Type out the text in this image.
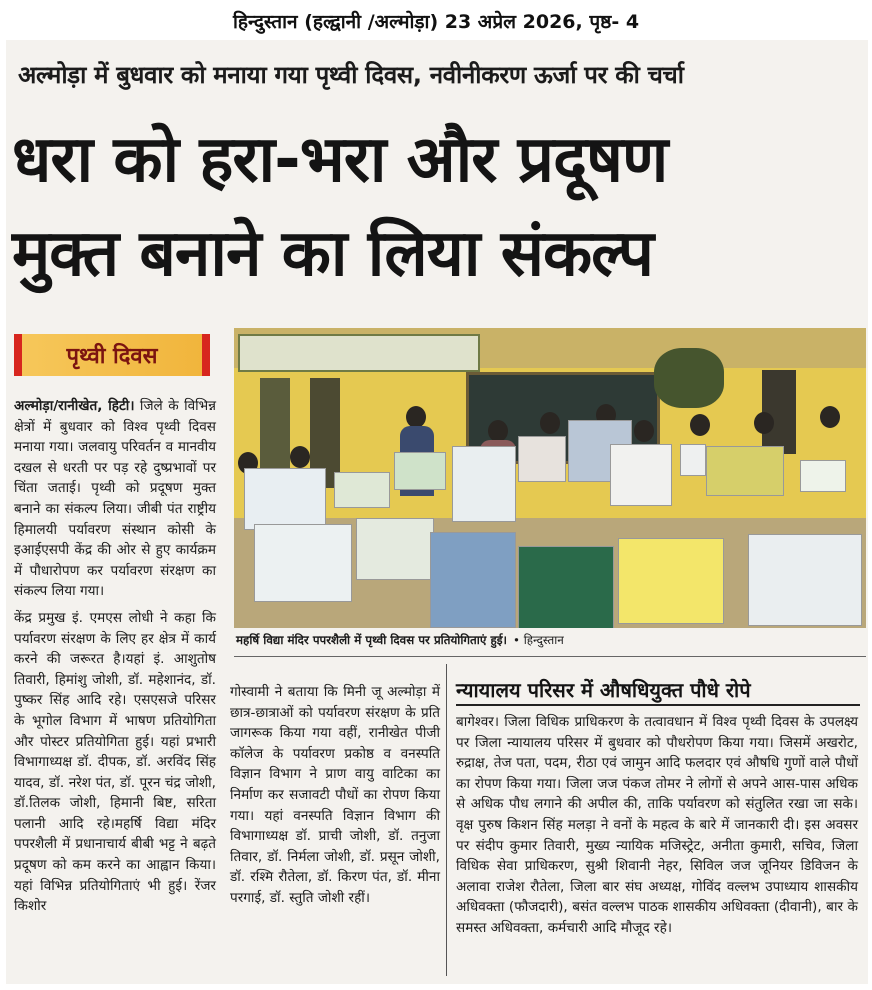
हिन्दुस्तान (हल्द्वानी /अल्मोड़ा) 23 अप्रेल 2026, पृष्ठ- 4
अल्मोड़ा में बुधवार को मनाया गया पृथ्वी दिवस, नवीनीकरण ऊर्जा पर की चर्चा
धरा को हरा-भरा और प्रदूषण
मुक्त बनाने का लिया संकल्प
पृथ्वी दिवस

अल्मोड़ा/रानीखेत, हिटी। जिले के विभिन्न क्षेत्रों में बुधवार को विश्व पृथ्वी दिवस मनाया गया। जलवायु परिवर्तन व मानवीय दखल से धरती पर पड़ रहे दुष्प्रभावों पर चिंता जताई। पृथ्वी को प्रदूषण मुक्त बनाने का संकल्प लिया। जीबी पंत राष्ट्रीय हिमालयी पर्यावरण संस्थान कोसी के इआईएसपी केंद्र की ओर से हुए कार्यक्रम में पौधारोपण कर पर्यावरण संरक्षण का संकल्प लिया गया।

केंद्र प्रमुख इं. एमएस लोधी ने कहा कि पर्यावरण संरक्षण के लिए हर क्षेत्र में कार्य करने की जरूरत है।यहां इं. आशुतोष तिवारी, हिमांशु जोशी, डॉ. महेशानंद, डॉ. पुष्कर सिंह आदि रहे। एसएसजे परिसर के भूगोल विभाग में भाषण प्रतियोगिता और पोस्टर प्रतियोगिता हुई। यहां प्रभारी विभागाध्यक्ष डॉ. दीपक, डॉ. अरविंद सिंह यादव, डॉ. नरेश पंत, डॉ. पूरन चंद्र जोशी, डॉ.तिलक जोशी, हिमानी बिष्ट, सरिता पलानी आदि रहे।महर्षि विद्या मंदिर पपरशैली में प्रधानाचार्य बीबी भट्ट ने बढ़ते प्रदूषण को कम करने का आह्वान किया।यहां विभिन्न प्रतियोगिताएं भी हुई। रेंजर किशोर

महर्षि विद्या मंदिर पपरशैली में पृथ्वी दिवस पर प्रतियोगिताएं हुई। • हिन्दुस्तान
गोस्वामी ने बताया कि मिनी जू अल्मोड़ा में छात्र-छात्राओं को पर्यावरण संरक्षण के प्रति जागरूक किया गया वहीं, रानीखेत पीजी कॉलेज के पर्यावरण प्रकोष्ठ व वनस्पति विज्ञान विभाग ने प्राण वायु वाटिका का निर्माण कर सजावटी पौधों का रोपण किया गया। यहां वनस्पति विज्ञान विभाग की विभागाध्यक्ष डॉ. प्राची जोशी, डॉ. तनुजा तिवार, डॉ. निर्मला जोशी, डॉ. प्रसून जोशी, डॉ. रश्मि रौतेला, डॉ. किरण पंत, डॉ. मीना परगाई, डॉ. स्तुति जोशी रहीं।
न्यायालय परिसर में औषधियुक्त पौधे रोपे
बागेश्वर। जिला विधिक प्राधिकरण के तत्वावधान में विश्व पृथ्वी दिवस के उपलक्ष्य पर जिला न्यायालय परिसर में बुधवार को पौधरोपण किया गया। जिसमें अखरोट, रुद्राक्ष, तेज पता, पदम, रीठा एवं जामुन आदि फलदार एवं औषधि गुणों वाले पौधों का रोपण किया गया। जिला जज पंकज तोमर ने लोगों से अपने आस-पास अधिक से अधिक पौध लगाने की अपील की, ताकि पर्यावरण को संतुलित रखा जा सके। वृक्ष पुरुष किशन सिंह मलड़ा ने वनों के महत्व के बारे में जानकारी दी। इस अवसर पर संदीप कुमार तिवारी, मुख्य न्यायिक मजिस्ट्रेट, अनीता कुमारी, सचिव, जिला विधिक सेवा प्राधिकरण, सुश्री शिवानी नेहर, सिविल जज जूनियर डिविजन के अलावा राजेश रौतेला, जिला बार संघ अध्यक्ष, गोविंद वल्लभ उपाध्याय शासकीय अधिवक्ता (फौजदारी), बसंत वल्लभ पाठक शासकीय अधिवक्ता (दीवानी), बार के समस्त अधिवक्ता, कर्मचारी आदि मौजूद रहे।
